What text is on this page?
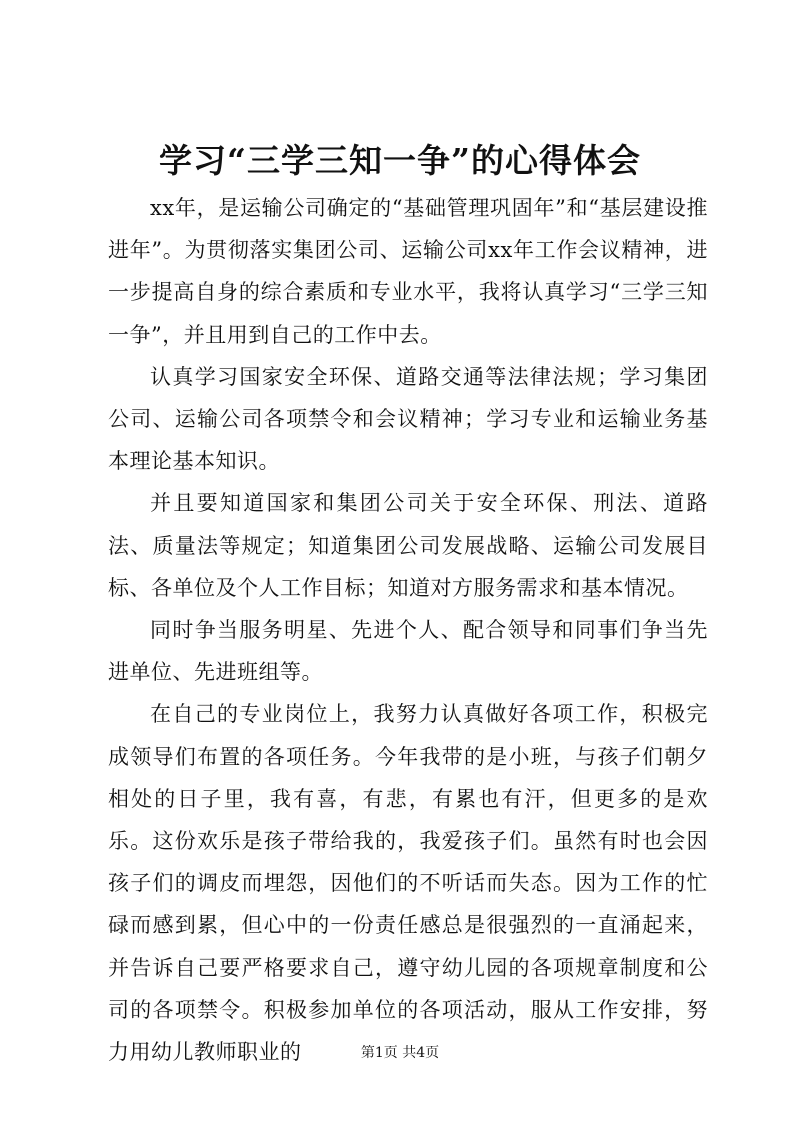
学习“三学三知一争”的心得体会

xx年，是运输公司确定的“基础管理巩固年”和“基层建设推进年”。为贯彻落实集团公司、运输公司xx年工作会议精神，进一步提高自身的综合素质和专业水平，我将认真学习“三学三知一争”，并且用到自己的工作中去。

认真学习国家安全环保、道路交通等法律法规；学习集团公司、运输公司各项禁令和会议精神；学习专业和运输业务基本理论基本知识。

并且要知道国家和集团公司关于安全环保、刑法、道路法、质量法等规定；知道集团公司发展战略、运输公司发展目标、各单位及个人工作目标；知道对方服务需求和基本情况。

同时争当服务明星、先进个人、配合领导和同事们争当先进单位、先进班组等。

在自己的专业岗位上，我努力认真做好各项工作，积极完成领导们布置的各项任务。今年我带的是小班，与孩子们朝夕相处的日子里，我有喜，有悲，有累也有汗，但更多的是欢乐。这份欢乐是孩子带给我的，我爱孩子们。虽然有时也会因孩子们的调皮而埋怨，因他们的不听话而失态。因为工作的忙碌而感到累，但心中的一份责任感总是很强烈的一直涌起来，并告诉自己要严格要求自己，遵守幼儿园的各项规章制度和公司的各项禁令。积极参加单位的各项活动，服从工作安排，努力用幼儿教师职业的	第1页 共4页
